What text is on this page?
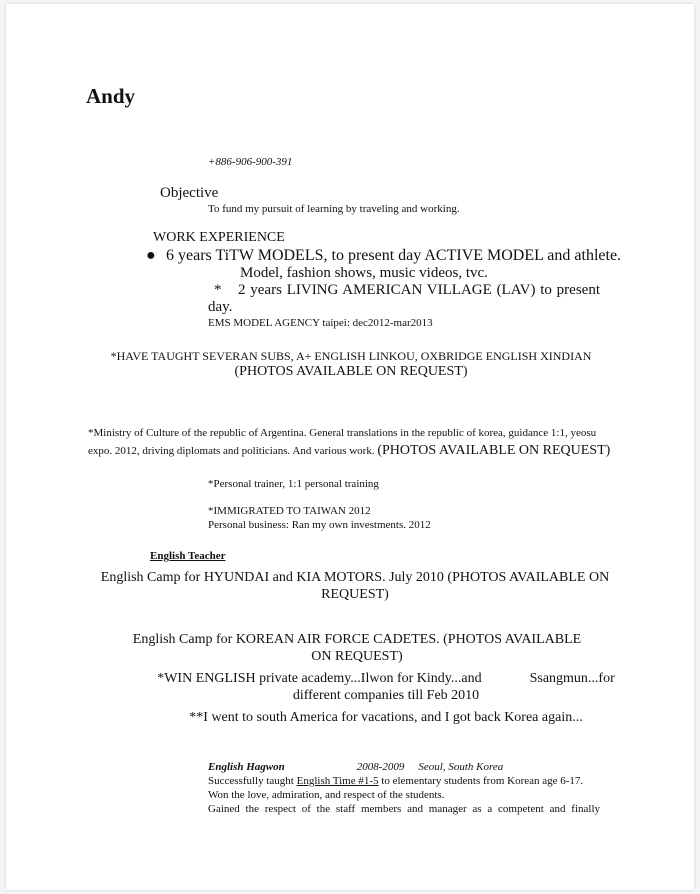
Andy
+886-906-900-391
Objective
To fund my pursuit of learning by traveling and working.
WORK EXPERIENCE
● 6 years TiTW MODELS, to present day ACTIVE MODEL and athlete.
Model, fashion shows, music videos, tvc.
* 2 years LIVING AMERICAN VILLAGE (LAV) to present day.
EMS MODEL AGENCY taipei: dec2012-mar2013
*HAVE TAUGHT SEVERAN SUBS, A+ ENGLISH LINKOU, OXBRIDGE ENGLISH XINDIAN (PHOTOS AVAILABLE ON REQUEST)
*Ministry of Culture of the republic of Argentina. General translations in the republic of korea, guidance 1:1, yeosu expo. 2012, driving diplomats and politicians. And various work. (PHOTOS AVAILABLE ON REQUEST)
*Personal trainer, 1:1 personal training
*IMMIGRATED TO TAIWAN 2012
Personal business: Ran my own investments. 2012
English Teacher
English Camp for HYUNDAI and KIA MOTORS. July 2010 (PHOTOS AVAILABLE ON REQUEST)
English Camp for KOREAN AIR FORCE CADETES. (PHOTOS AVAILABLE ON REQUEST)
*WIN ENGLISH private academy...Ilwon for Kindy...and	Ssangmun...for different companies till Feb 2010
**I went to south America for vacations, and I got back Korea again...
English Hagwon	2008-2009 Seoul, South Korea
Successfully taught English Time #1-5 to elementary students from Korean age 6-17.
Won the love, admiration, and respect of the students.
Gained the respect of the staff members and manager as a competent and finally
